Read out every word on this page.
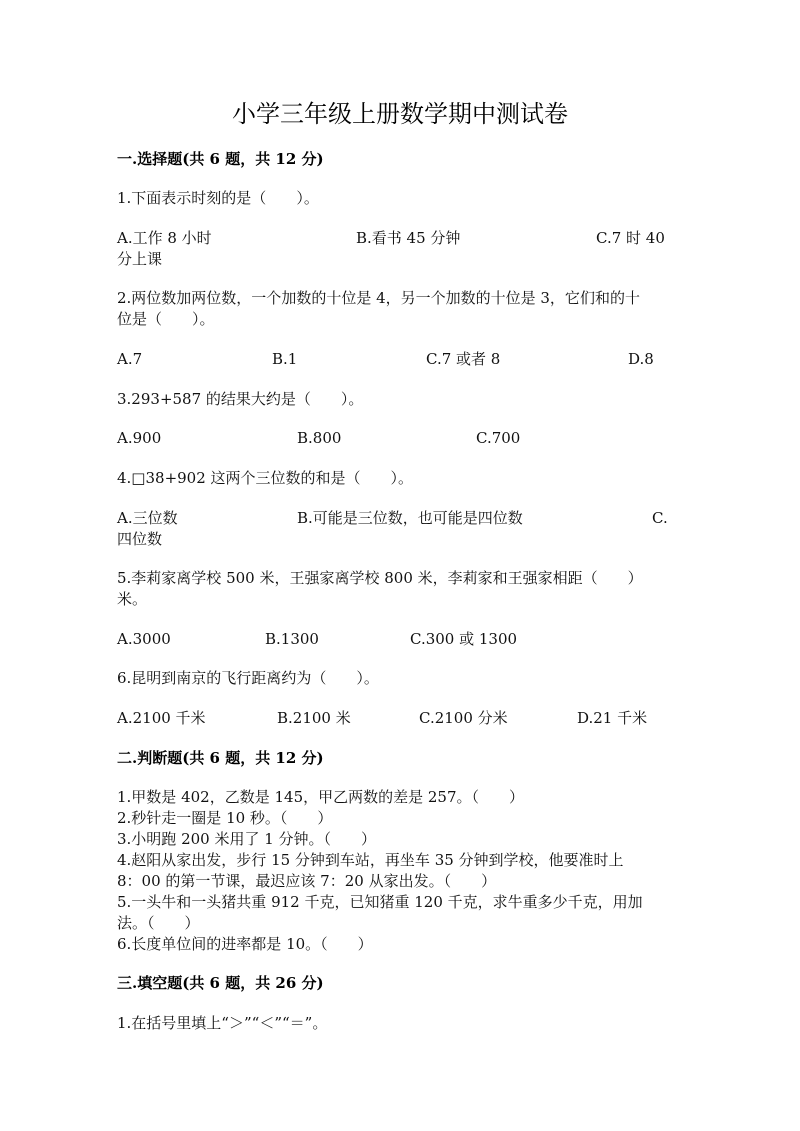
小学三年级上册数学期中测试卷
一.选择题(共 6 题，共 12 分)
1.下面表示时刻的是（　　）。
A.工作 8 小时	B.看书 45 分钟	C.7 时 40
分上课
2.两位数加两位数，一个加数的十位是 4，另一个加数的十位是 3，它们和的十
位是（　　）。
A.7	B.1	C.7 或者 8	D.8
3.293+587 的结果大约是（　　）。
A.900	B.800	C.700
4.□38+902 这两个三位数的和是（　　）。
A.三位数	B.可能是三位数，也可能是四位数	C.
四位数
5.李莉家离学校 500 米，王强家离学校 800 米，李莉家和王强家相距（　　）
米。
A.3000	B.1300	C.300 或 1300
6.昆明到南京的飞行距离约为（　　）。
A.2100 千米	B.2100 米	C.2100 分米	D.21 千米
二.判断题(共 6 题，共 12 分)
1.甲数是 402，乙数是 145，甲乙两数的差是 257。（　　）
2.秒针走一圈是 10 秒。（　　）
3.小明跑 200 米用了 1 分钟。（　　）
4.赵阳从家出发，步行 15 分钟到车站，再坐车 35 分钟到学校，他要准时上
8：00 的第一节课，最迟应该 7：20 从家出发。（　　）
5.一头牛和一头猪共重 912 千克，已知猪重 120 千克，求牛重多少千克，用加
法。（　　）
6.长度单位间的进率都是 10。（　　）
三.填空题(共 6 题，共 26 分)
1.在括号里填上“＞”“＜”“＝”。
